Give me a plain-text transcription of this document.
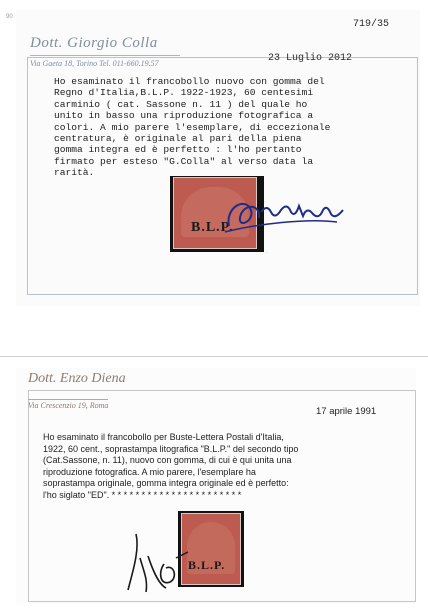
90
Dott. Giorgio Colla
Via Gaeta 18, Torino Tel. 011-660.19.57
719/35
23 Luglio 2012
Ho esaminato il francobollo nuovo con gomma del
Regno d'Italia,B.L.P. 1922-1923, 60 centesimi
carminio ( cat. Sassone n. 11 ) del quale ho
unito in basso una riproduzione fotografica a
colori. A mio parere l'esemplare, di eccezionale
centratura, è originale al pari della piena
gomma integra ed è perfetto : l'ho pertanto
firmato per esteso "G.Colla" al verso data la
rarità.
B.L.P.
·
Dott. Enzo Diena
Via Crescenzio 19, Roma
17 aprile 1991
Ho esaminato il francobollo per Buste-Lettera Postali d'Italia,
1922, 60 cent., soprastampa litografica "B.L.P." del secondo tipo
(Cat.Sassone, n. 11), nuovo con gomma, di cui è qui unita una
riproduzione fotografica. A mio parere, l'esemplare ha
soprastampa originale, gomma integra originale ed è perfetto:
l'ho siglato "ED". * * * * * * * * * * * * * * * * * * * * * *
B.L.P.
